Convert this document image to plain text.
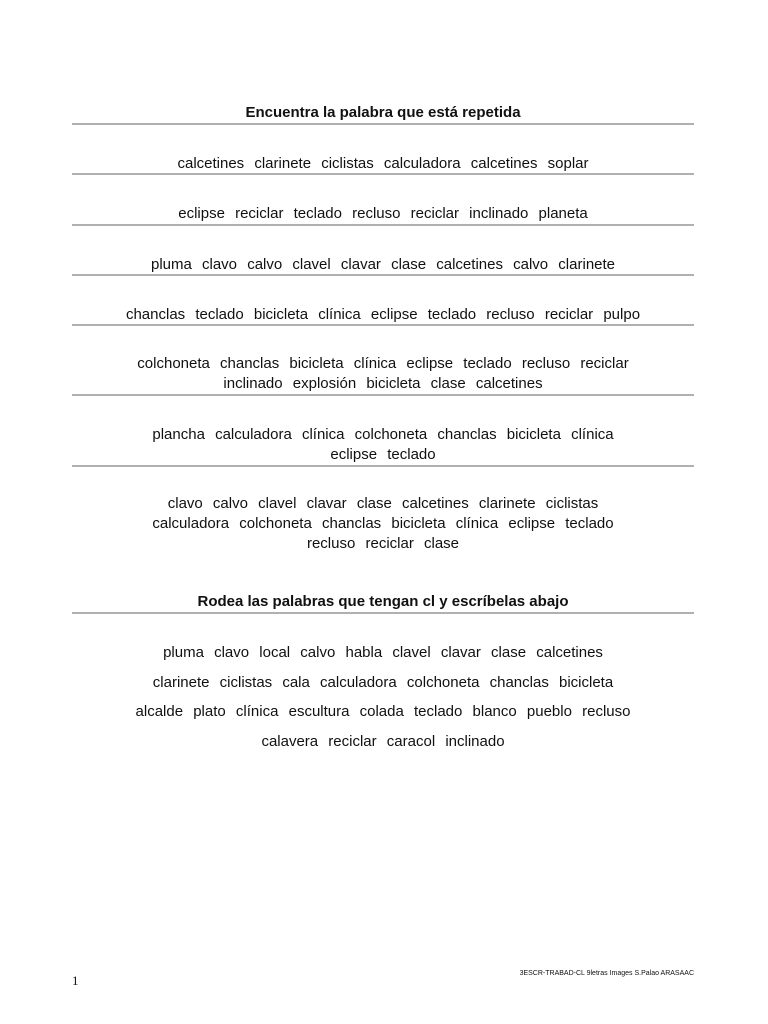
Encuentra la palabra que está repetida
calcetines clarinete ciclistas calculadora calcetines soplar
eclipse reciclar teclado recluso reciclar inclinado planeta
pluma clavo calvo clavel clavar clase calcetines calvo clarinete
chanclas teclado bicicleta clínica eclipse teclado recluso reciclar pulpo
colchoneta chanclas bicicleta clínica eclipse teclado recluso reciclar
inclinado explosión bicicleta clase calcetines
plancha calculadora clínica colchoneta chanclas bicicleta clínica
eclipse teclado
clavo calvo clavel clavar clase calcetines clarinete ciclistas
calculadora colchoneta chanclas bicicleta clínica eclipse teclado
recluso reciclar clase
Rodea las palabras que tengan cl y escríbelas abajo
pluma clavo local calvo habla clavel clavar clase calcetines
clarinete ciclistas cala calculadora colchoneta chanclas bicicleta
alcalde plato clínica escultura colada teclado blanco pueblo recluso
calavera reciclar caracol inclinado
1	3ESCR-TRABAD-CL 9letras Images S.Palao ARASAAC
